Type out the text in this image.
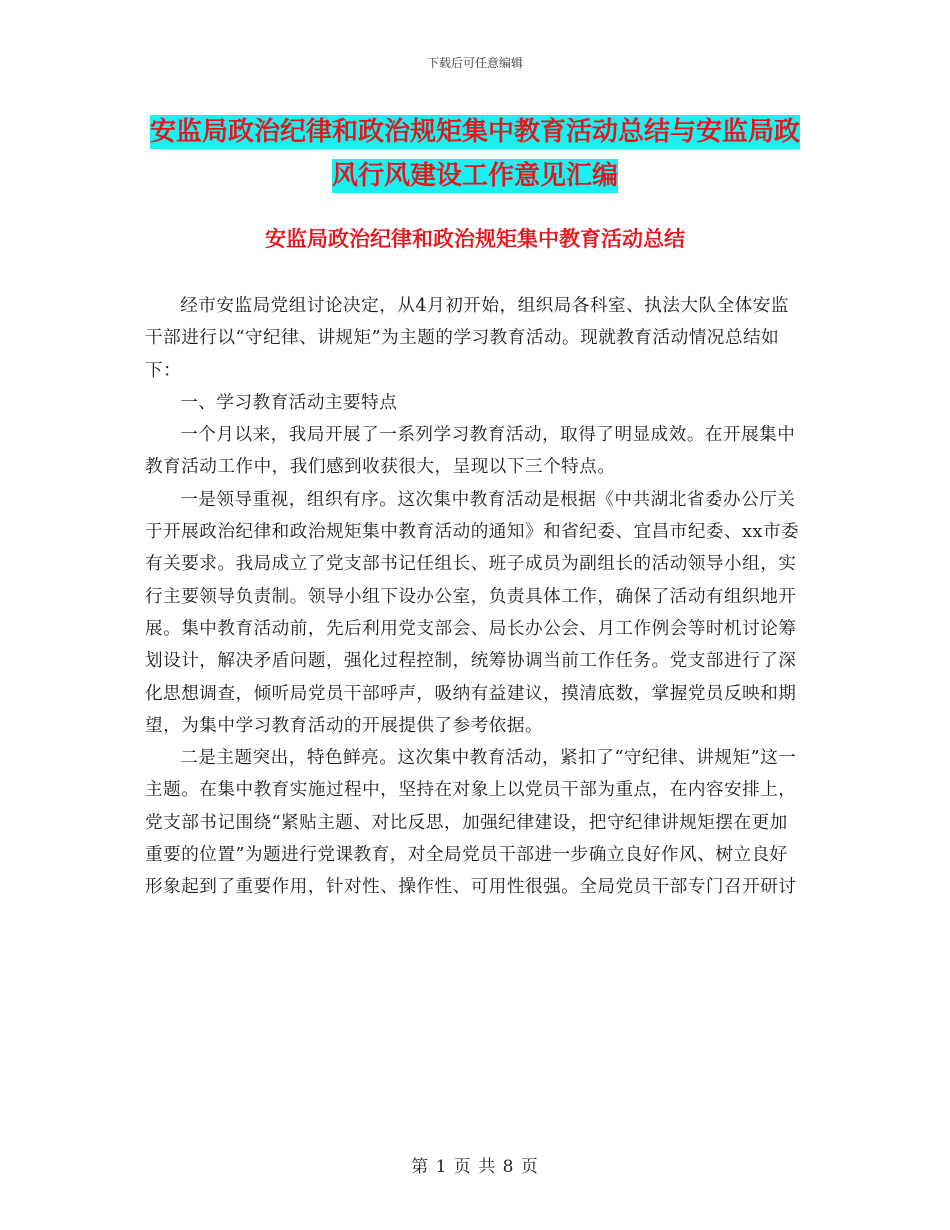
下载后可任意编辑
安监局政治纪律和政治规矩集中教育活动总结与安监局政风行风建设工作意见汇编
安监局政治纪律和政治规矩集中教育活动总结

经市安监局党组讨论决定，从4月初开始，组织局各科室、执法大队全体安监干部进行以“守纪律、讲规矩”为主题的学习教育活动。现就教育活动情况总结如下：

一、学习教育活动主要特点

一个月以来，我局开展了一系列学习教育活动，取得了明显成效。在开展集中教育活动工作中，我们感到收获很大，呈现以下三个特点。

一是领导重视，组织有序。这次集中教育活动是根据《中共湖北省委办公厅关于开展政治纪律和政治规矩集中教育活动的通知》和省纪委、宜昌市纪委、xx市委有关要求。我局成立了党支部书记任组长、班子成员为副组长的活动领导小组，实行主要领导负责制。领导小组下设办公室，负责具体工作，确保了活动有组织地开展。集中教育活动前，先后利用党支部会、局长办公会、月工作例会等时机讨论筹划设计，解决矛盾问题，强化过程控制，统筹协调当前工作任务。党支部进行了深化思想调查，倾听局党员干部呼声，吸纳有益建议，摸清底数，掌握党员反映和期望，为集中学习教育活动的开展提供了参考依据。

二是主题突出，特色鲜亮。这次集中教育活动，紧扣了“守纪律、讲规矩”这一主题。在集中教育实施过程中，坚持在对象上以党员干部为重点，在内容安排上，党支部书记围绕“紧贴主题、对比反思，加强纪律建设，把守纪律讲规矩摆在更加重要的位置”为题进行党课教育，对全局党员干部进一步确立良好作风、树立良好形象起到了重要作用，针对性、操作性、可用性很强。全局党员干部专门召开研讨

第 1 页 共 8 页
